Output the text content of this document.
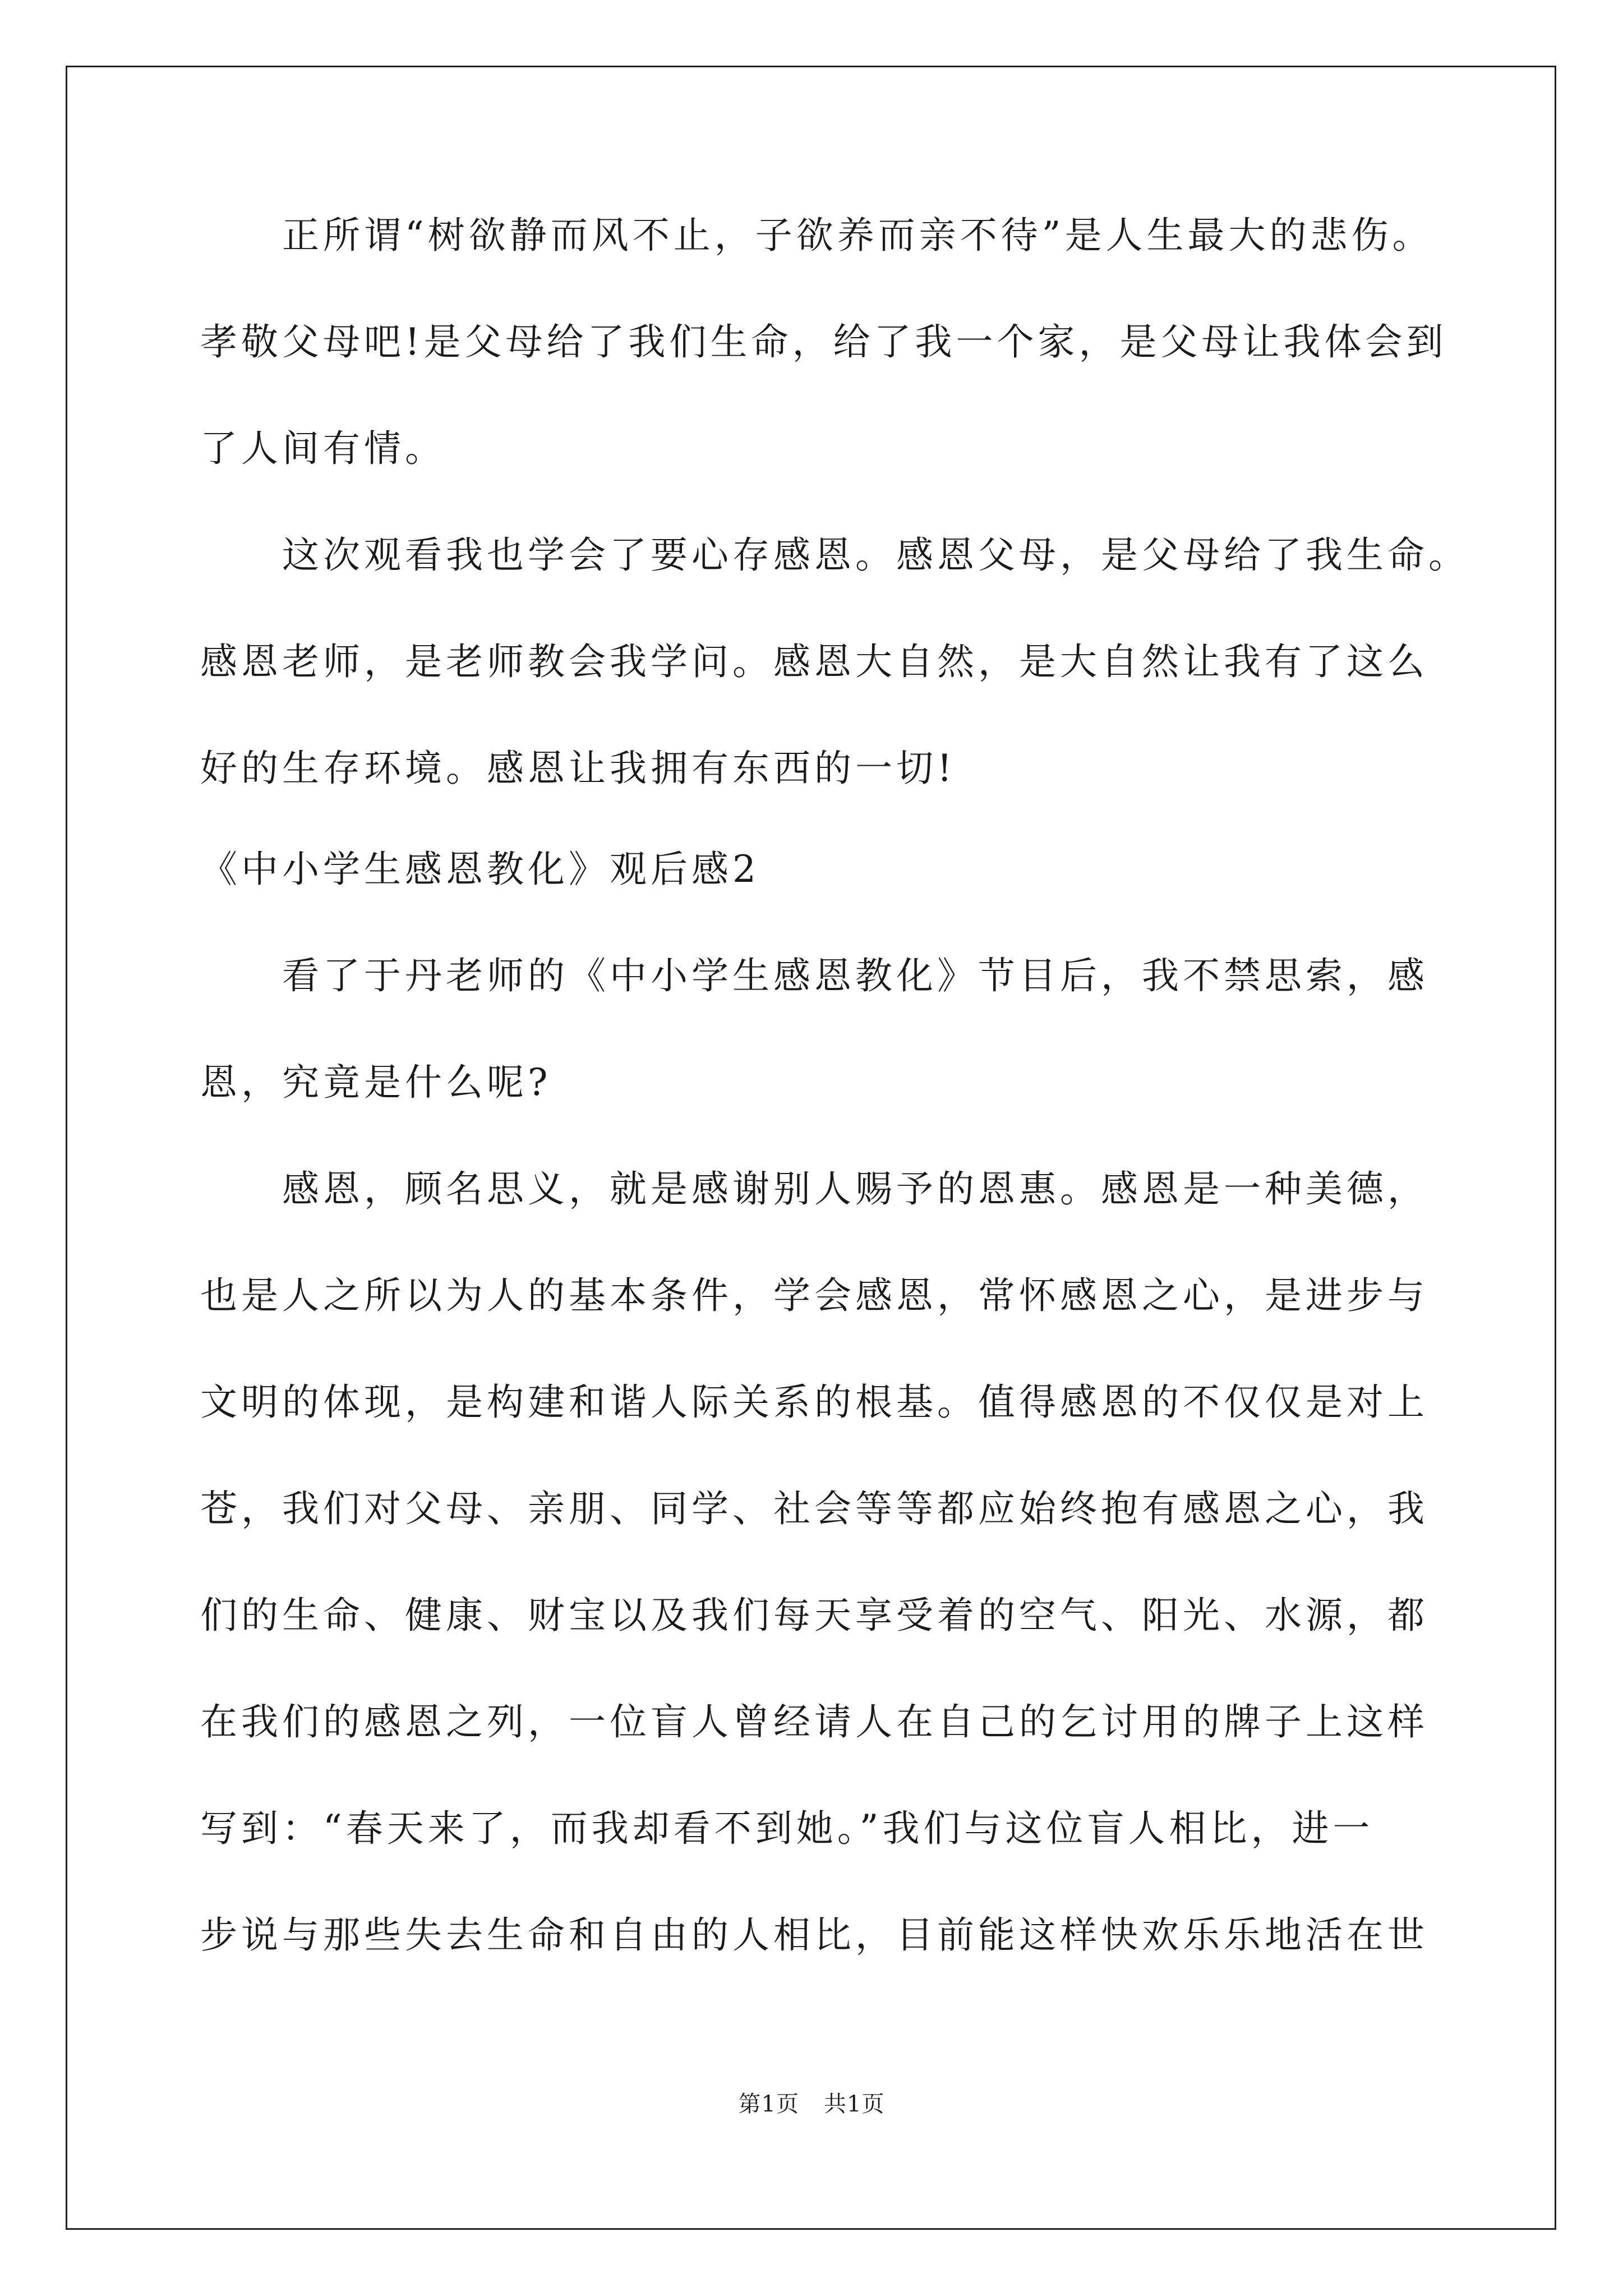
　　正所谓“树欲静而风不止，子欲养而亲不待”是人生最大的悲伤。
孝敬父母吧!是父母给了我们生命，给了我一个家，是父母让我体会到
了人间有情。
　　这次观看我也学会了要心存感恩。感恩父母，是父母给了我生命。
感恩老师，是老师教会我学问。感恩大自然，是大自然让我有了这么
好的生存环境。感恩让我拥有东西的一切!
《中小学生感恩教化》观后感2
　　看了于丹老师的《中小学生感恩教化》节目后，我不禁思索，感
恩，究竟是什么呢?
　　感恩，顾名思义，就是感谢别人赐予的恩惠。感恩是一种美德，
也是人之所以为人的基本条件，学会感恩，常怀感恩之心，是进步与
文明的体现，是构建和谐人际关系的根基。值得感恩的不仅仅是对上
苍，我们对父母、亲朋、同学、社会等等都应始终抱有感恩之心，我
们的生命、健康、财宝以及我们每天享受着的空气、阳光、水源，都
在我们的感恩之列，一位盲人曾经请人在自己的乞讨用的牌子上这样
写到：“春天来了，而我却看不到她。”我们与这位盲人相比，进一
步说与那些失去生命和自由的人相比，目前能这样快欢乐乐地活在世
第1页 共1页
